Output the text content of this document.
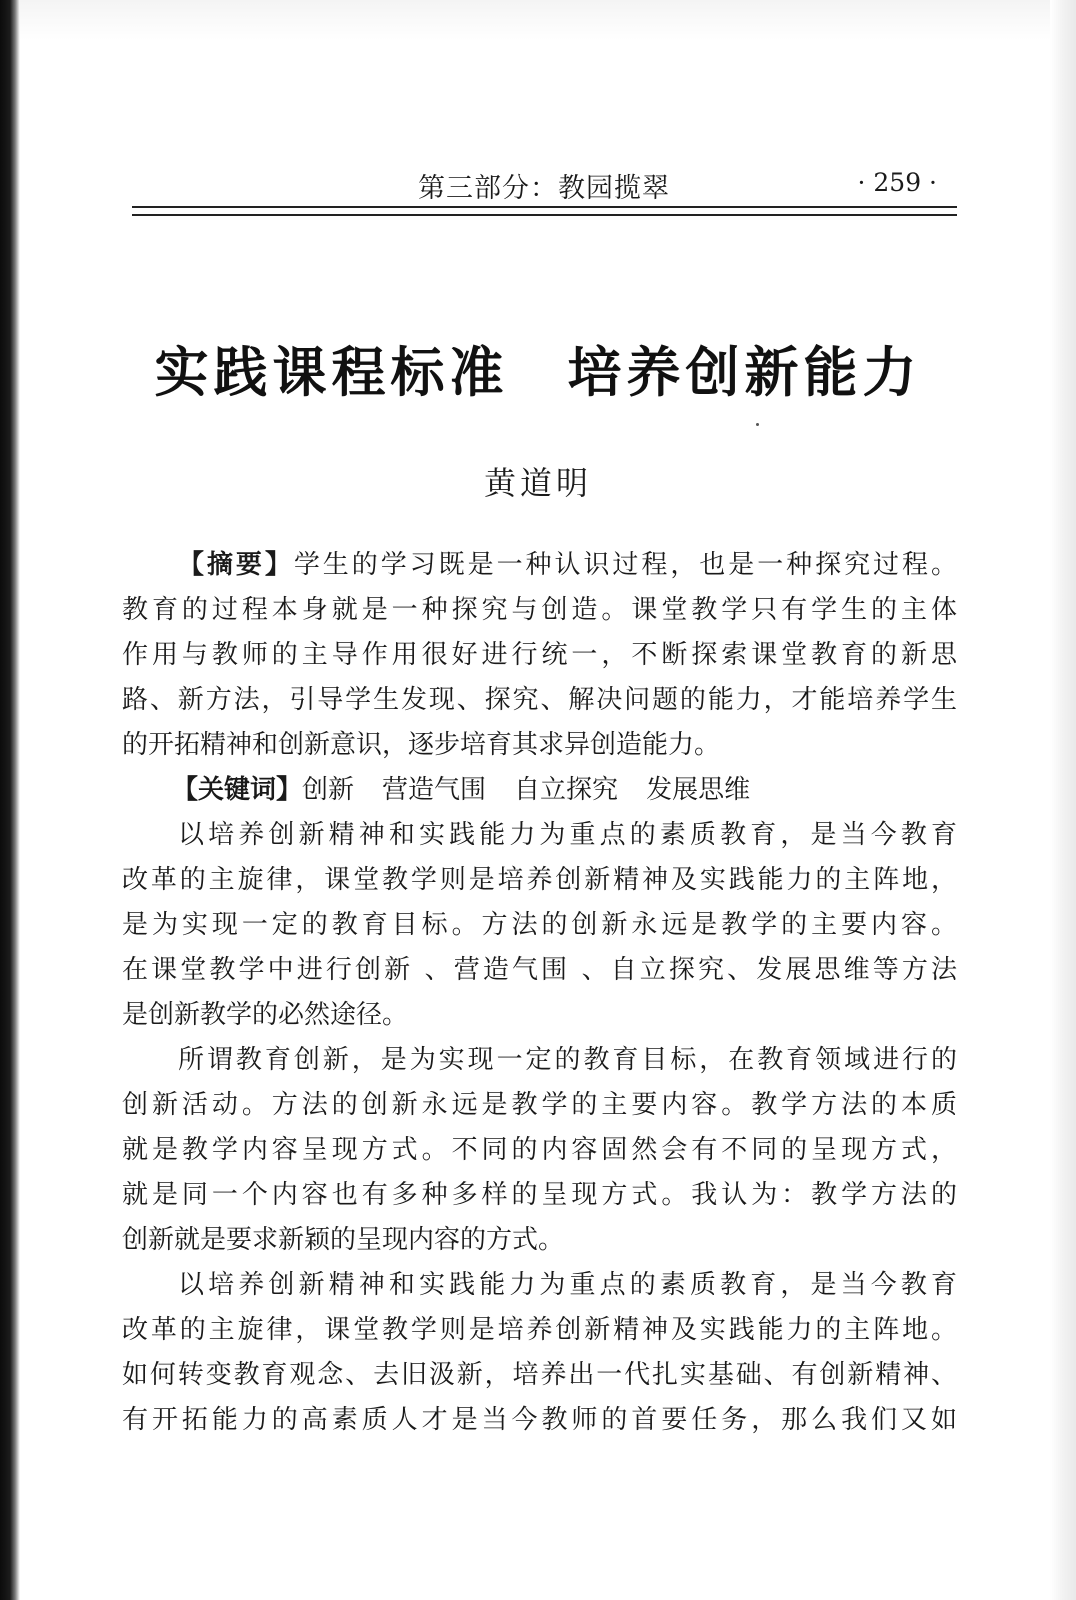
第三部分：教园揽翠	· 259 ·
实践课程标准　培养创新能力
黄道明
【摘要】学生的学习既是一种认识过程，也是一种探究过程。
教育的过程本身就是一种探究与创造。课堂教学只有学生的主体
作用与教师的主导作用很好进行统一，不断探索课堂教育的新思
路、新方法，引导学生发现、探究、解决问题的能力，才能培养学生
的开拓精神和创新意识，逐步培育其求异创造能力。
【关键词】创新 营造气围 自立探究 发展思维
以培养创新精神和实践能力为重点的素质教育，是当今教育
改革的主旋律，课堂教学则是培养创新精神及实践能力的主阵地，
是为实现一定的教育目标。方法的创新永远是教学的主要内容。
在课堂教学中进行创新 、营造气围 、自立探究、发展思维等方法
是创新教学的必然途径。
所谓教育创新，是为实现一定的教育目标，在教育领域进行的
创新活动。方法的创新永远是教学的主要内容。教学方法的本质
就是教学内容呈现方式。不同的内容固然会有不同的呈现方式，
就是同一个内容也有多种多样的呈现方式。我认为：教学方法的
创新就是要求新颖的呈现内容的方式。
以培养创新精神和实践能力为重点的素质教育，是当今教育
改革的主旋律，课堂教学则是培养创新精神及实践能力的主阵地。
如何转变教育观念、去旧汲新，培养出一代扎实基础、有创新精神、
有开拓能力的高素质人才是当今教师的首要任务，那么我们又如
